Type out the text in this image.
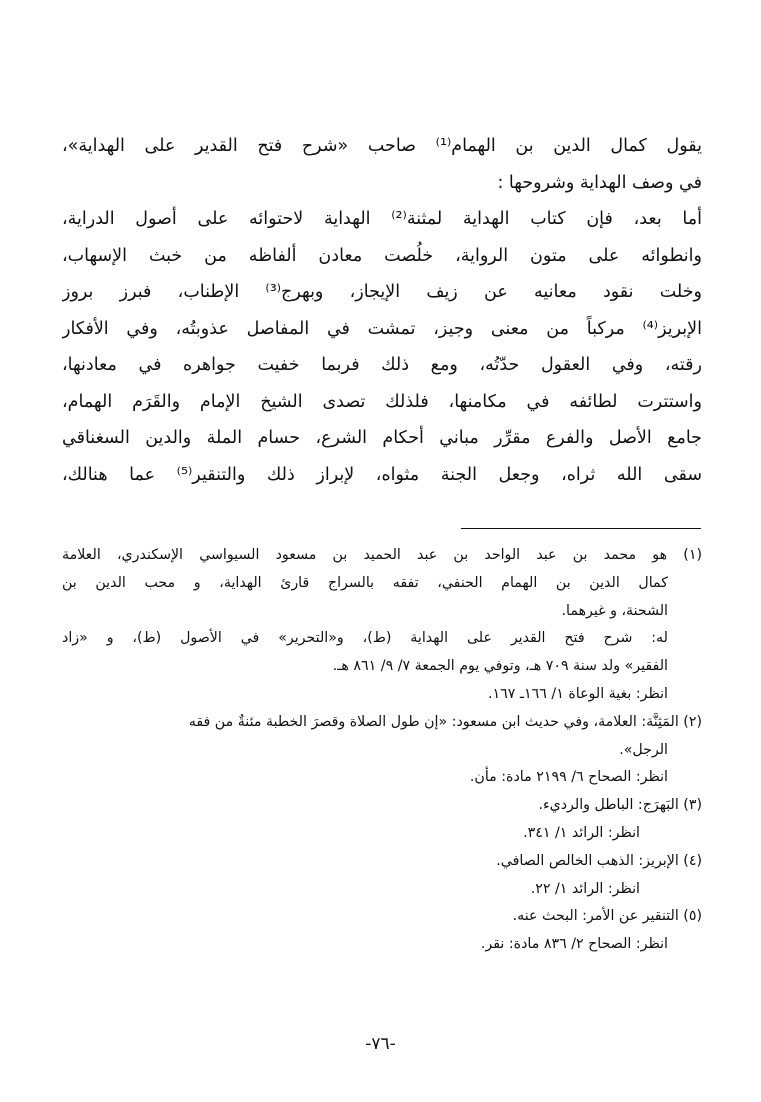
يقول كمال الدين بن الهمام⁽¹⁾ صاحب «شرح فتح القدير على الهداية»،
في وصف الهداية وشروحها :
أما بعد، فإن كتاب الهداية لمثنة⁽²⁾ الهداية لاحتوائه على أصول الدراية،
وانطوائه على متون الرواية، خلُصت معادن ألفاظه من خبث الإسهاب،
وخلت نقود معانيه عن زيف الإيجاز، وبهرج⁽³⁾ الإطناب، فبرز بروز
الإبريز⁽⁴⁾ مركباً من معنى وجيز، تمشت في المفاصل عذوبتُه، وفي الأفكار
رقته، وفي العقول حدّتُه، ومع ذلك فربما خفيت جواهره في معادنها،
واستترت لطائفه في مكامنها، فلذلك تصدى الشيخ الإمام والقَرَم الهمام،
جامع الأصل والفرع مقرِّر مباني أحكام الشرع، حسام الملة والدين السغناقي
سقى الله ثراه، وجعل الجنة مثواه، لإبراز ذلك والتنقير⁽⁵⁾ عما هنالك،
(١) هو محمد بن عبد الواحد بن عبد الحميد بن مسعود السيواسي الإسكندري، العلامة
كمال الدين بن الهمام الحنفي، تفقه بالسراج قارئ الهداية، و محب الدين بن
الشحنة، و غيرهما.
له: شرح فتح القدير على الهداية (ط)، و«التحرير» في الأصول (ط)، و «زاد
الفقير» ولد سنة ٧٠٩ هـ، وتوفي يوم الجمعة ٧/ ٩/ ٨٦١ هـ.
انظر: بغية الوعاة ١/ ١٦٦ـ ١٦٧.
(٢) المَثِنَّة: العلامة، وفي حديث ابن مسعود: «إن طول الصلاة وقصرَ الخطبة مئنةٌ من فقه
الرجل».
انظر: الصحاح ٦/ ٢١٩٩ مادة: مأن.
(٣) البَهرَج: الباطل والرديء.
انظر: الرائد ١/ ٣٤١.
(٤) الإبريز: الذهب الخالص الصافي.
انظر: الرائد ١/ ٢٢.
(٥) التنقير عن الأمر: البحث عنه.
انظر: الصحاح ٢/ ٨٣٦ مادة: نقر.
-٧٦-
